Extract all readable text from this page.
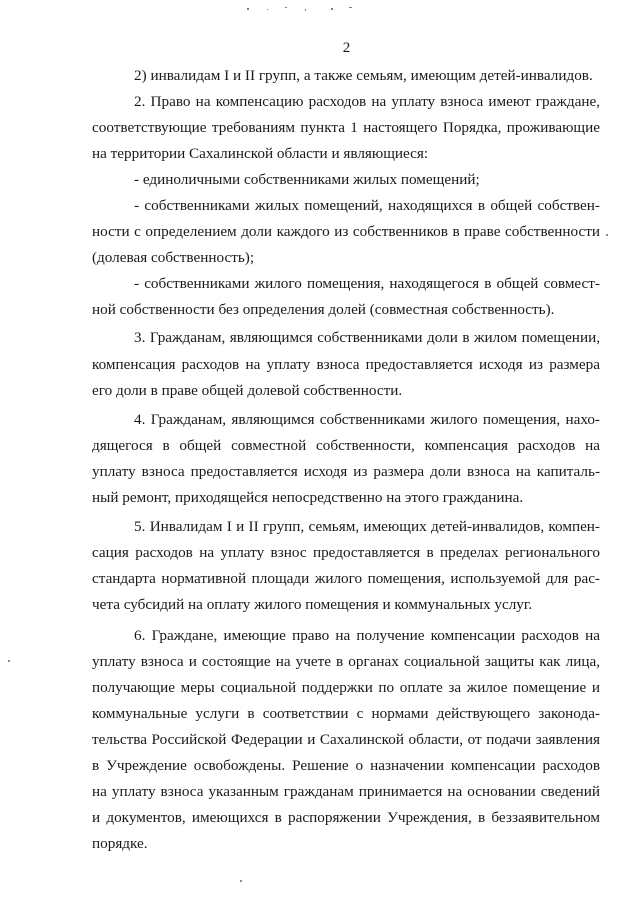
2
2) инвалидам I и II групп, а также семьям, имеющим детей-инвалидов.
2. Право на компенсацию расходов на уплату взноса имеют граждане,
соответствующие требованиям пункта 1 настоящего Порядка, проживающие
на территории Сахалинской области и являющиеся:
- единоличными собственниками жилых помещений;
- собственниками жилых помещений, находящихся в общей собствен-
ности с определением доли каждого из собственников в праве собственности
(долевая собственность);
- собственниками жилого помещения, находящегося в общей совмест-
ной собственности без определения долей (совместная собственность).
3. Гражданам, являющимся собственниками доли в жилом помещении,
компенсация расходов на уплату взноса предоставляется исходя из размера
его доли в праве общей долевой собственности.
4. Гражданам, являющимся собственниками жилого помещения, нахо-
дящегося в общей совместной собственности, компенсация расходов на
уплату взноса предоставляется исходя из размера доли взноса на капиталь-
ный ремонт, приходящейся непосредственно на этого гражданина.
5. Инвалидам I и II групп, семьям, имеющих детей-инвалидов, компен-
сация расходов на уплату взнос предоставляется в пределах регионального
стандарта нормативной площади жилого помещения, используемой для рас-
чета субсидий на оплату жилого помещения и коммунальных услуг.
6. Граждане, имеющие право на получение компенсации расходов на
уплату взноса и состоящие на учете в органах социальной защиты как лица,
получающие меры социальной поддержки по оплате за жилое помещение и
коммунальные услуги в соответствии с нормами действующего законода-
тельства Российской Федерации и Сахалинской области, от подачи заявления
в Учреждение освобождены. Решение о назначении компенсации расходов
на уплату взноса указанным гражданам принимается на основании сведений
и документов, имеющихся в распоряжении Учреждения, в беззаявительном
порядке.
